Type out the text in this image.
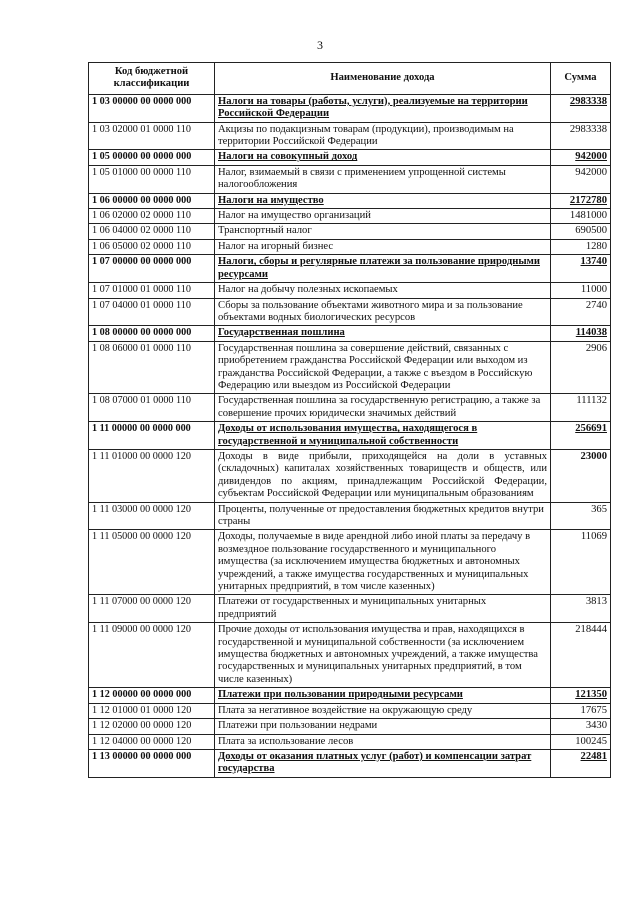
3
Код бюджетной классификации	Наименование дохода	Сумма
1 03 00000 00 0000 000	Налоги на товары (работы, услуги), реализуемые на территории Российской Федерации	2983338
1 03 02000 01 0000 110	Акцизы по подакцизным товарам (продукции), производимым на территории Российской Федерации	2983338
1 05 00000 00 0000 000	Налоги на совокупный доход	942000
1 05 01000 00 0000 110	Налог, взимаемый в связи с применением упрощенной системы налогообложения	942000
1 06 00000 00 0000 000	Налоги на имущество	2172780
1 06 02000 02 0000 110	Налог на имущество организаций	1481000
1 06 04000 02 0000 110	Транспортный налог	690500
1 06 05000 02 0000 110	Налог на игорный бизнес	1280
1 07 00000 00 0000 000	Налоги, сборы и регулярные платежи за пользование природными ресурсами	13740
1 07 01000 01 0000 110	Налог на добычу полезных ископаемых	11000
1 07 04000 01 0000 110	Сборы за пользование объектами животного мира и за пользование объектами водных биологических ресурсов	2740
1 08 00000 00 0000 000	Государственная пошлина	114038
1 08 06000 01 0000 110	Государственная пошлина за совершение действий, связанных с приобретением гражданства Российской Федерации или выходом из гражданства Российской Федерации, а также с въездом в Российскую Федерацию или выездом из Российской Федерации	2906
1 08 07000 01 0000 110	Государственная пошлина за государственную регистрацию, а также за совершение прочих юридически значимых действий	111132
1 11 00000 00 0000 000	Доходы от использования имущества, находящегося в государственной и муниципальной собственности	256691
1 11 01000 00 0000 120	Доходы в виде прибыли, приходящейся на доли в уставных (складочных) капиталах хозяйственных товариществ и обществ, или дивидендов по акциям, принадлежащим Российской Федерации, субъектам Российской Федерации или муниципальным образованиям	23000
1 11 03000 00 0000 120	Проценты, полученные от предоставления бюджетных кредитов внутри страны	365
1 11 05000 00 0000 120	Доходы, получаемые в виде арендной либо иной платы за передачу в возмездное пользование государственного и муниципального имущества (за исключением имущества бюджетных и автономных учреждений, а также имущества государственных и муниципальных унитарных предприятий, в том числе казенных)	11069
1 11 07000 00 0000 120	Платежи от государственных и муниципальных унитарных предприятий	3813
1 11 09000 00 0000 120	Прочие доходы от использования имущества и прав, находящихся в государственной и муниципальной собственности (за исключением имущества бюджетных и автономных учреждений, а также имущества государственных и муниципальных унитарных предприятий, в том числе казенных)	218444
1 12 00000 00 0000 000	Платежи при пользовании природными ресурсами	121350
1 12 01000 01 0000 120	Плата за негативное воздействие на окружающую среду	17675
1 12 02000 00 0000 120	Платежи при пользовании недрами	3430
1 12 04000 00 0000 120	Плата за использование лесов	100245
1 13 00000 00 0000 000	Доходы от оказания платных услуг (работ) и компенсации затрат государства	22481
